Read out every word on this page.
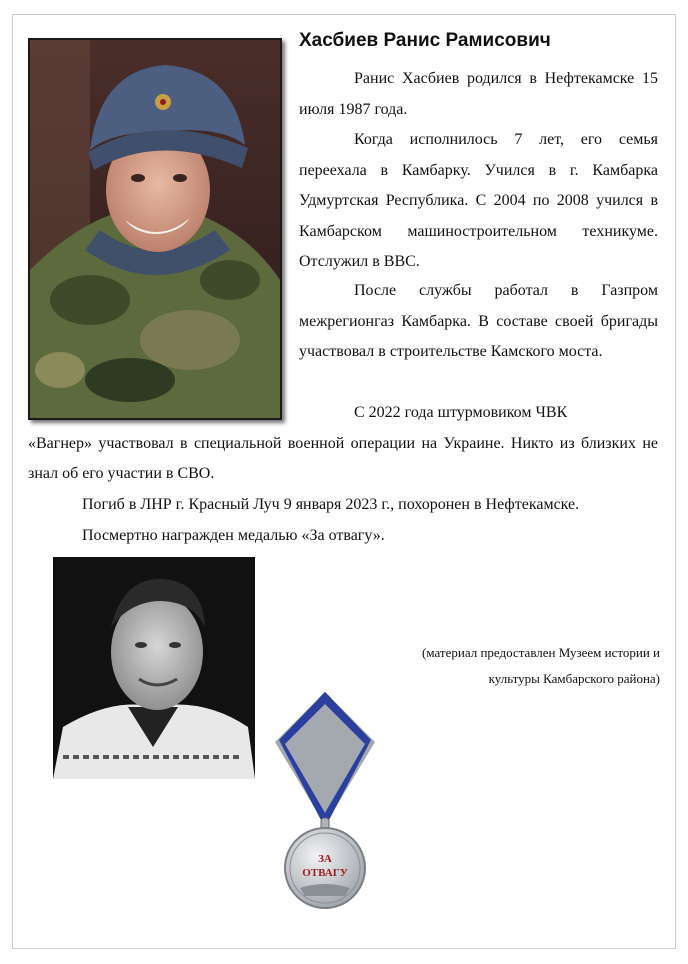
Хасбиев Ранис Рамисович
Ранис Хасбиев родился в Нефтекамске 15 июля 1987 года.
Когда исполнилось 7 лет, его семья переехала в Камбарку. Учился в г. Камбарка Удмуртская Республика. С 2004 по 2008 учился в Камбарском машиностроительном техникуме. Отслужил в ВВС.
После службы работал в Газпром межрегионгаз Камбарка. В составе своей бригады участвовал в строительстве Камского моста.
С 2022 года штурмовиком ЧВК
«Вагнер» участвовал в специальной военной операции на Украине. Никто из близких не знал об его участии в СВО.
Погиб в ЛНР г. Красный Луч 9 января 2023 г., похоронен в Нефтекамске.
Посмертно награжден медалью «За отвагу».
(материал предоставлен Музеем истории и
культуры Камбарского района)
ЗА
ОТВАГУ
